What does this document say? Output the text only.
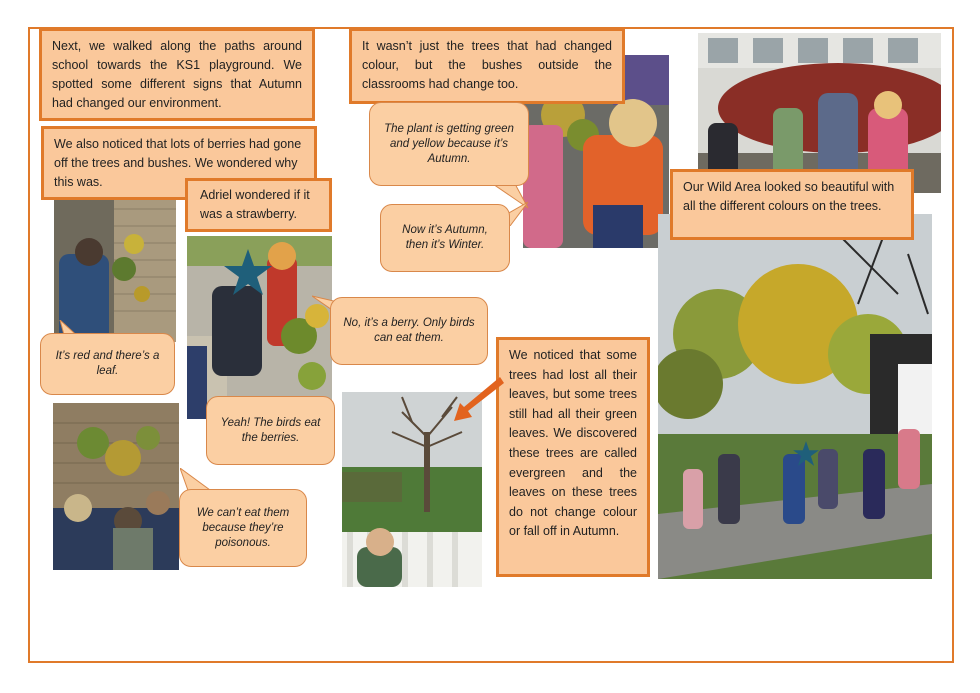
Next, we walked along the paths around school towards the KS1 playground. We spotted some different signs that Autumn had changed our environment.
We also noticed that lots of berries had gone off the trees and bushes. We wondered why this was.
Adriel wondered if it was a strawberry.
It wasn’t just the trees that had changed colour, but the bushes outside the classrooms had change too.
Our Wild Area looked so beautiful with all the different colours on the trees.
We noticed that some trees had lost all their leaves, but some trees still had all their green leaves. We discovered these trees are called evergreen and the leaves on these trees do not change colour or fall off in Autumn.
The plant is getting green and yellow because it’s Autumn.
Now it’s Autumn, then it’s Winter.
It’s red and there’s a leaf.
No, it’s a berry. Only birds can eat them.
Yeah! The birds eat the berries.
We can’t eat them because they’re poisonous.
